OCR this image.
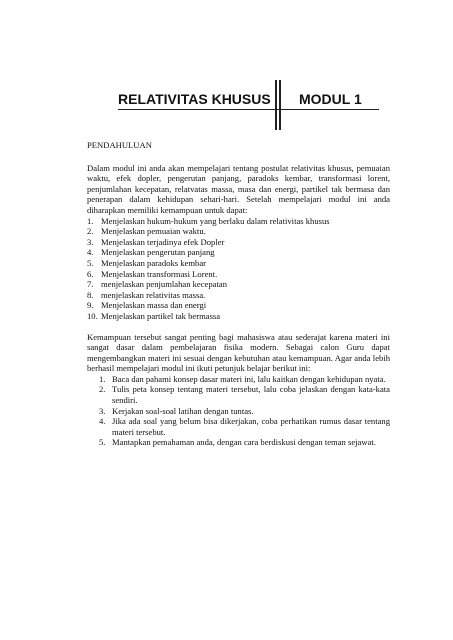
RELATIVITAS KHUSUS MODUL 1

PENDAHULUAN

Dalam modul ini anda akan mempelajari tentang postulat relativitas khusus, pemuaian waktu, efek dopler, pengerutan panjang, paradoks kembar, transformasi lorent, penjumlahan kecepatan, relatvatas massa, masa dan energi, partikel tak bermasa dan penerapan dalam kehidupan sehari-hari. Setelah mempelajari modul ini anda diharapkan memiliki kemampuan untuk dapat:

1. Menjelaskan hukum-hukum yang berlaku dalam relativitas khusus
2. Menjelaskan pemuaian waktu.
3. Menjelaskan terjadinya efek Dopler
4. Menjelaskan pengerutan panjang
5. Menjelaskan paradoks kembar
6. Menjelaskan transformasi Lorent.
7. menjelaskan penjumlahan kecepatan
8. menjelaskan relativitas massa.
9. Menjelaskan massa dan energi
10. Menjelaskan partikel tak bermassa

Kemampuan tersebut sangat penting bagi mahasiswa atau sederajat karena materi ini sangat dasar dalam pembelajaran fisika modern. Sebagai calon Guru dapat mengembangkan materi ini sesuai dengan kebutuhan atau kemampuan. Agar anda lebih berhasil mempelajari modul ini ikuti petunjuk belajar berikut ini:

1. Baca dan pahami konsep dasar materi ini, lalu kaitkan dengan kehidupan nyata.
2. Tulis peta konsep tentang materi tersebut, lalu coba jelaskan dengan kata-kata sendiri.
3. Kerjakan soal-soal latihan dengan tuntas.
4. Jika ada soal yang belum bisa dikerjakan, coba perhatikan rumus dasar tentang materi tersebut.
5. Mantapkan pemahaman anda, dengan cara berdiskusi dengan teman sejawat.
